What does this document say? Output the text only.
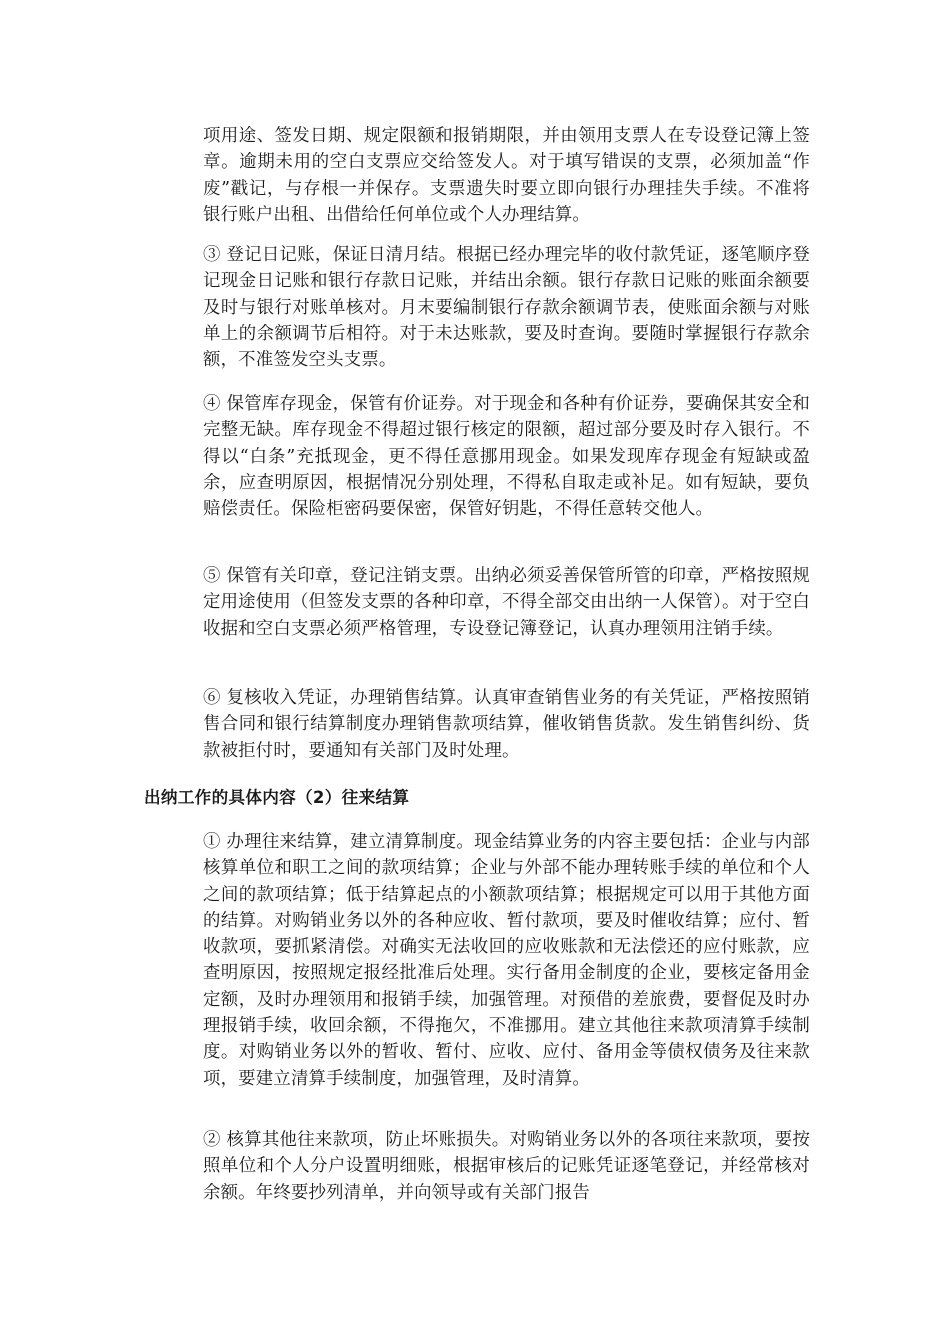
项用途、签发日期、规定限额和报销期限，并由领用支票人在专设登记簿上签章。逾期未用的空白支票应交给签发人。对于填写错误的支票，必须加盖“作废”戳记，与存根一并保存。支票遗失时要立即向银行办理挂失手续。不准将银行账户出租、出借给任何单位或个人办理结算。

③ 登记日记账，保证日清月结。根据已经办理完毕的收付款凭证，逐笔顺序登记现金日记账和银行存款日记账，并结出余额。银行存款日记账的账面余额要及时与银行对账单核对。月末要编制银行存款余额调节表，使账面余额与对账单上的余额调节后相符。对于未达账款，要及时查询。要随时掌握银行存款余额，不准签发空头支票。

④ 保管库存现金，保管有价证券。对于现金和各种有价证券，要确保其安全和完整无缺。库存现金不得超过银行核定的限额，超过部分要及时存入银行。不得以“白条”充抵现金，更不得任意挪用现金。如果发现库存现金有短缺或盈余，应查明原因，根据情况分别处理，不得私自取走或补足。如有短缺，要负赔偿责任。保险柜密码要保密，保管好钥匙，不得任意转交他人。

⑤ 保管有关印章，登记注销支票。出纳必须妥善保管所管的印章，严格按照规定用途使用（但签发支票的各种印章，不得全部交由出纳一人保管）。对于空白收据和空白支票必须严格管理，专设登记簿登记，认真办理领用注销手续。

⑥ 复核收入凭证，办理销售结算。认真审查销售业务的有关凭证，严格按照销售合同和银行结算制度办理销售款项结算，催收销售货款。发生销售纠纷、货款被拒付时，要通知有关部门及时处理。

出纳工作的具体内容（2）往来结算

① 办理往来结算，建立清算制度。现金结算业务的内容主要包括：企业与内部核算单位和职工之间的款项结算；企业与外部不能办理转账手续的单位和个人之间的款项结算；低于结算起点的小额款项结算；根据规定可以用于其他方面的结算。对购销业务以外的各种应收、暂付款项，要及时催收结算；应付、暂收款项，要抓紧清偿。对确实无法收回的应收账款和无法偿还的应付账款，应查明原因，按照规定报经批准后处理。实行备用金制度的企业，要核定备用金定额，及时办理领用和报销手续，加强管理。对预借的差旅费，要督促及时办理报销手续，收回余额，不得拖欠，不准挪用。建立其他往来款项清算手续制度。对购销业务以外的暂收、暂付、应收、应付、备用金等债权债务及往来款项，要建立清算手续制度，加强管理，及时清算。

② 核算其他往来款项，防止坏账损失。对购销业务以外的各项往来款项，要按照单位和个人分户设置明细账，根据审核后的记账凭证逐笔登记，并经常核对余额。年终要抄列清单，并向领导或有关部门报告
